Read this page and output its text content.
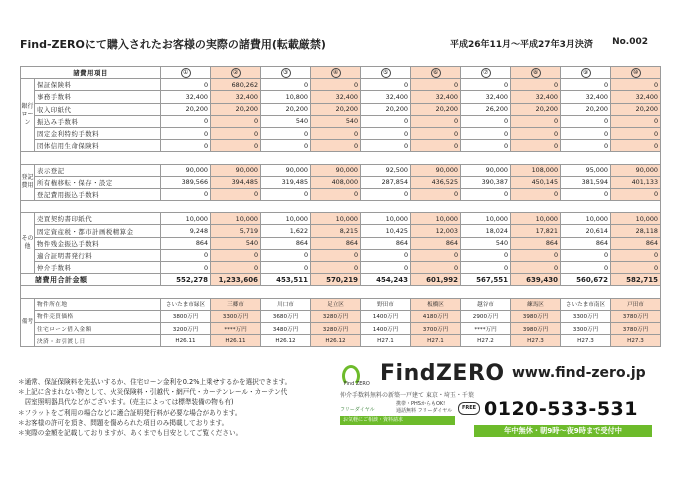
Find-ZEROにて購入されたお客様の実際の諸費用(転載厳禁)	平成26年11月〜平成27年3月決済 No.002
諸費用項目		①	②	③	④	⑤	⑥	⑦	⑧	⑨	⑩
銀行ローン	保証保険料	0	680,262	0	0	0	0	0	0	0	0
	事務手数料	32,400	32,400	10,800	32,400	32,400	32,400	32,400	32,400	32,400	32,400
	収入印紙代	20,200	20,200	20,200	20,200	20,200	20,200	26,200	20,200	20,200	20,200
	振込み手数料	0	0	540	540	0	0	0	0	0	0
	固定金利特約手数料	0	0	0	0	0	0	0	0	0	0
	団体信用生命保険料	0	0	0	0	0	0	0	0	0	0

登記費用	表示登記	90,000	90,000	90,000	90,000	92,500	90,000	90,000	108,000	95,000	90,000
	所有権移転・保存・設定	389,566	394,485	319,485	408,000	287,854	436,525	390,387	450,145	381,594	401,133
	登記費用振込手数料	0	0	0	0	0	0	0	0	0	0

その他	売買契約書印紙代	10,000	10,000	10,000	10,000	10,000	10,000	10,000	10,000	10,000	10,000
	固定資産税・都市計画税精算金	9,248	5,719	1,622	8,215	10,425	12,003	18,024	17,821	20,614	28,118
	物件残金振込手数料	864	540	864	864	864	864	540	864	864	864
	適合証明書発行料	0	0	0	0	0	0	0	0	0	0
	仲介手数料	0	0	0	0	0	0	0	0	0	0
諸費用合計金額		552,278	1,233,606	453,511	570,219	454,243	601,992	567,551	639,430	560,672	582,715

備考	物件所在地	さいたま市緑区	三郷市	川口市	足立区	野田市	板橋区	越谷市	練馬区	さいたま市南区	戸田市
	物件売買価格	3800万円	3300万円	3680万円	3280万円	1400万円	4180万円	2900万円	3980万円	3300万円	3780万円
	住宅ローン借入金額	3200万円	****万円	3480万円	3280万円	1400万円	3700万円	****万円	3980万円	3300万円	3780万円
	決済・お引渡し日	H26.11	H26.11	H26.12	H26.12	H27.1	H27.1	H27.2	H27.3	H27.3	H27.3
＊通常、保証保険料を先払いするか、住宅ローン金利を0.2%上乗せするかを選択できます。
＊上記に含まれない物として、火災保険料・引越代・網戸代・カーテンレール・カーテン代
　居室照明器具代などがございます。(売主によっては標準装備の物も有)
＊フラットをご利用の場合などに適合証明発行料が必要な場合があります。
＊お客様の許可を頂き、問題を傷められた項目のみ掲載しております。
＊実際の金額を記載しておりますが、あくまでも目安としてご覧ください。
Find ZERO FindZERO www.find-zero.jp
仲介手数料無料の新築一戸建て 東京・埼玉・千葉
携帯・PHSからもOK!
通話無料 フリーダイヤル
フリーダイヤル
お気軽にご相談・資料請求
FREE 0120-533-531
年中無休・朝9時〜夜9時まで受付中
